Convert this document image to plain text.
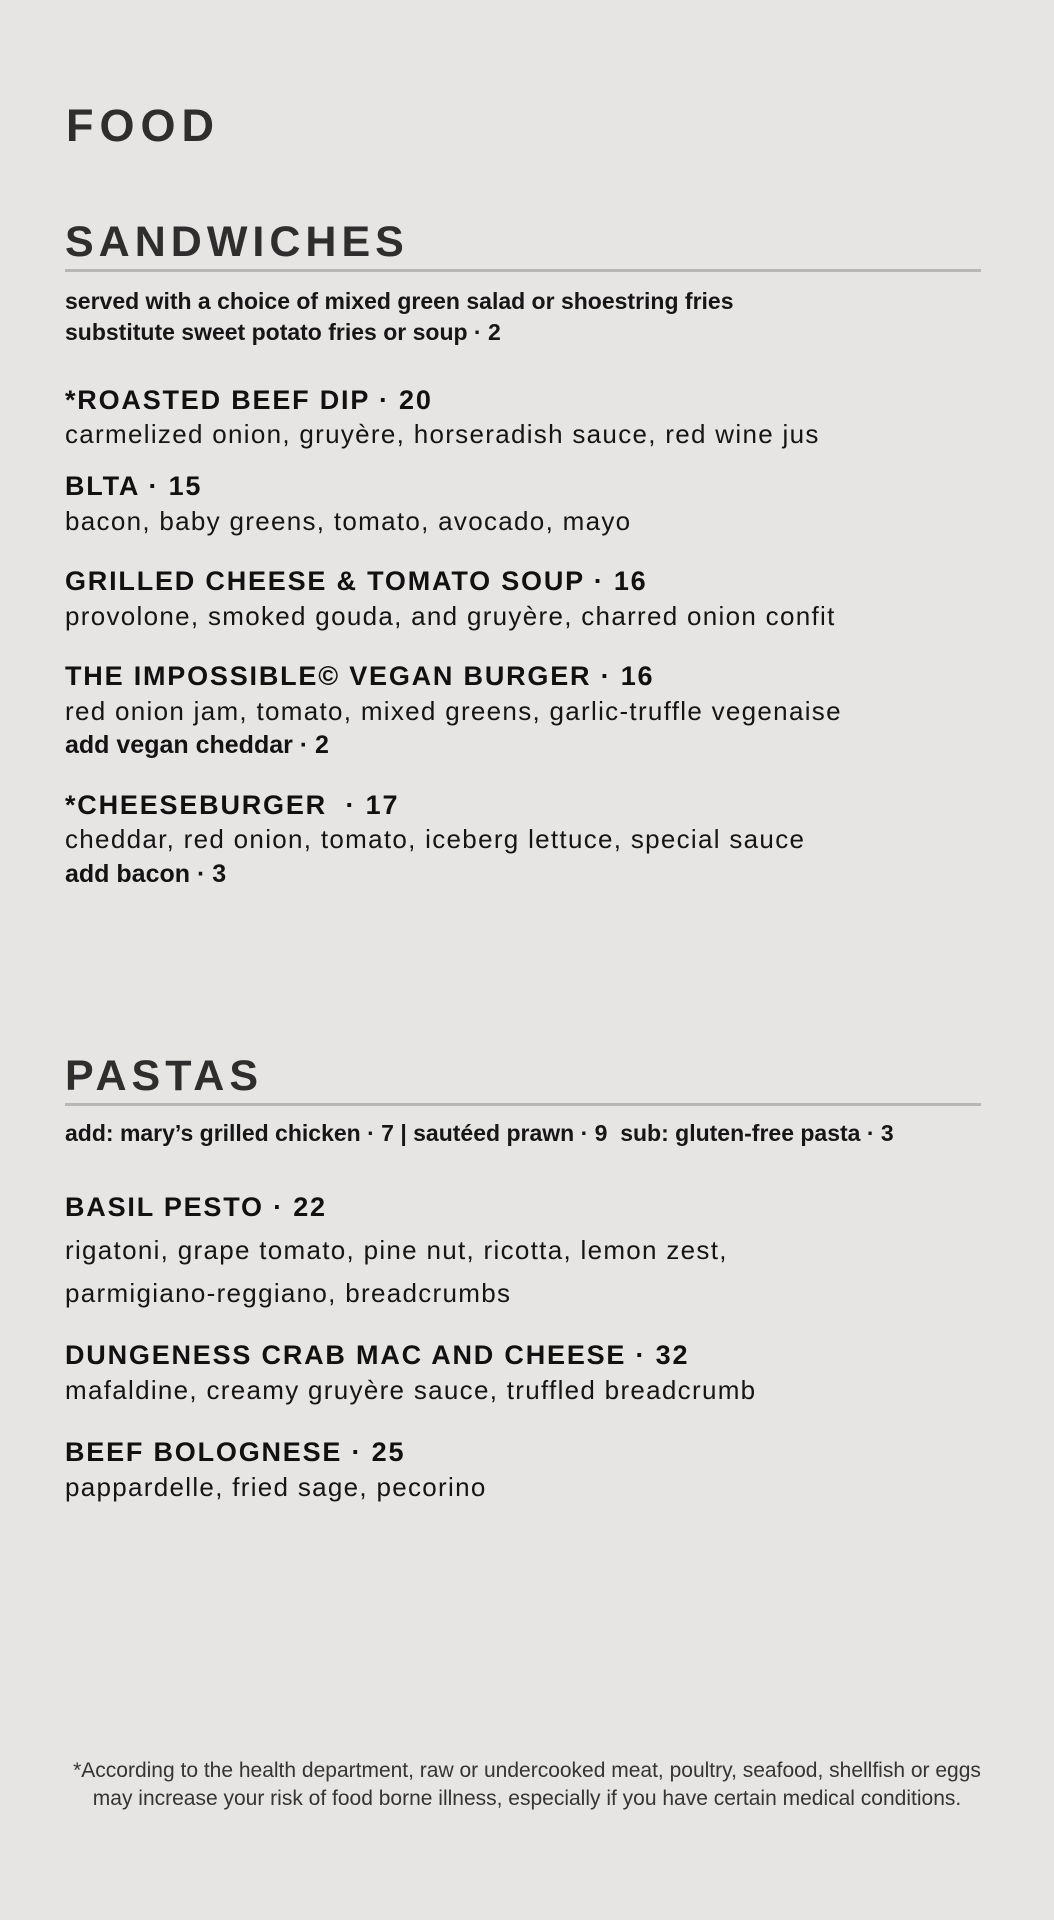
FOOD
SANDWICHES

served with a choice of mixed green salad or shoestring fries
substitute sweet potato fries or soup · 2

*ROASTED BEEF DIP · 20
carmelized onion, gruyère, horseradish sauce, red wine jus
BLTA · 15
bacon, baby greens, tomato, avocado, mayo
GRILLED CHEESE & TOMATO SOUP · 16
provolone, smoked gouda, and gruyère, charred onion confit
THE IMPOSSIBLE© VEGAN BURGER · 16
red onion jam, tomato, mixed greens, garlic-truffle vegenaise
add vegan cheddar · 2
*CHEESEBURGER  · 17
cheddar, red onion, tomato, iceberg lettuce, special sauce
add bacon · 3
PASTAS

add: mary’s grilled chicken · 7 | sautéed prawn · 9  sub: gluten-free pasta · 3

BASIL PESTO · 22
rigatoni, grape tomato, pine nut, ricotta, lemon zest,
parmigiano-reggiano, breadcrumbs
DUNGENESS CRAB MAC AND CHEESE · 32
mafaldine, creamy gruyère sauce, truffled breadcrumb
BEEF BOLOGNESE · 25
pappardelle, fried sage, pecorino
*According to the health department, raw or undercooked meat, poultry, seafood, shellfish or eggs
may increase your risk of food borne illness, especially if you have certain medical conditions.
